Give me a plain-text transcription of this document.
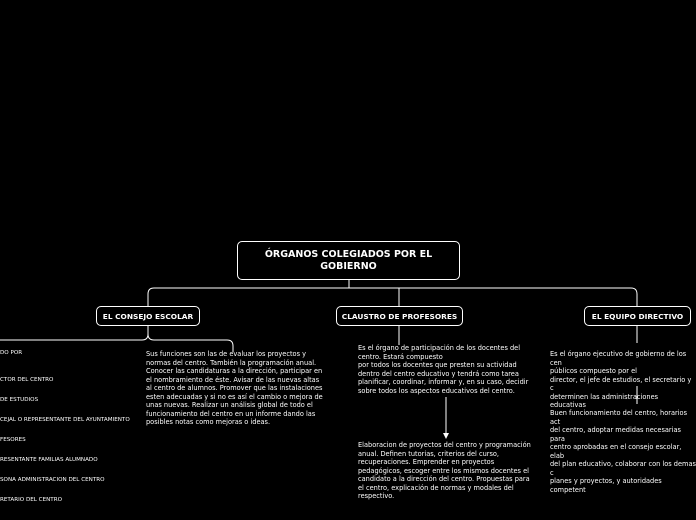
ÓRGANOS COLEGIADOS POR EL GOBIERNO
EL CONSEJO ESCOLAR	CLAUSTRO DE PROFESORES	EL EQUIPO DIRECTIVO
DO POR
CTOR DEL CENTRO
DE ESTUDIOS
CEJAL O REPRESENTANTE DEL AYUNTAMIENTO
FESORES
RESENTANTE FAMILIAS ALUMNADO
SONA ADMINISTRACION DEL CENTRO
RETARIO DEL CENTRO
Sus funciones son las de evaluar los proyectos y
normas del centro. También la programación anual.
Conocer las candidaturas a la dirección, participar en
el nombramiento de éste. Avisar de las nuevas altas
al centro de alumnos. Promover que las instalaciones
esten adecuadas y si no es así el cambio o mejora de
unas nuevas. Realizar un análisis global de todo el
funcionamiento del centro en un informe dando las
posibles notas como mejoras o ideas.
Es el órgano de participación de los docentes del
centro. Estará compuesto
por todos los docentes que presten su actividad
dentro del centro educativo y tendrá como tarea
planificar, coordinar, informar y, en su caso, decidir
sobre todos los aspectos educativos del centro.
Elaboracion de proyectos del centro y programación
anual. Definen tutorias, criterios del curso,
recuperaciones. Emprender en proyectos
pedagógicos, escoger entre los mismos docentes el
candidato a la dirección del centro. Propuestas para
el centro, explicación de normas y modales del
respectivo.
Es el órgano ejecutivo de gobierno de los cen
públicos compuesto por el
director, el jefe de estudios, el secretario y c
determinen las administraciones educativas
Buen funcionamiento del centro, horarios act
del centro, adoptar medidas necesarias para
centro aprobadas en el consejo escolar, elab
del plan educativo, colaborar con los demas c
planes y proyectos, y autoridades competent
